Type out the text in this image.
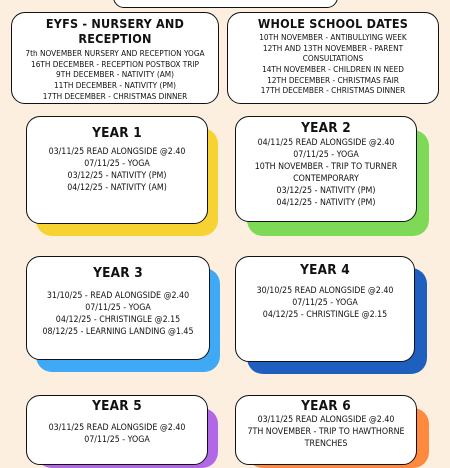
EYFS - NURSERY AND RECEPTION
7th NOVEMBER NURSERY AND RECEPTION YOGA
16TH DECEMBER - RECEPTION POSTBOX TRIP
9TH DECEMBER - NATIVITY (AM)
11TH DECEMBER - NATIVITY (PM)
17TH DECEMBER - CHRISTMAS DINNER
WHOLE SCHOOL DATES
10TH NOVEMBER - ANTIBULLYING WEEK
12TH AND 13TH NOVEMBER - PARENT
CONSULTATIONS
14TH NOVEMBER - CHILDREN IN NEED
12TH DECEMBER - CHRISTMAS FAIR
17TH DECEMBER - CHRISTMAS DINNER
YEAR 1
03/11/25 READ ALONGSIDE @2.40
07/11/25 - YOGA
03/12/25 - NATIVITY (PM)
04/12/25 - NATIVITY (AM)
YEAR 2
04/11/25 READ ALONGSIDE @2.40
07/11/25 - YOGA
10TH NOVEMBER - TRIP TO TURNER
CONTEMPORARY
03/12/25 - NATIVITY (PM)
04/12/25 - NATIVITY (PM)
YEAR 3
31/10/25 - READ ALONGSIDE @2.40
07/11/25 - YOGA
04/12/25 - CHRISTINGLE @2.15
08/12/25 - LEARNING LANDING @1.45
YEAR 4
30/10/25 READ ALONGSIDE @2.40
07/11/25 - YOGA
04/12/25 - CHRISTINGLE @2.15
YEAR 5
03/11/25 READ ALONGSIDE @2.40
07/11/25 - YOGA
YEAR 6
03/11/25 READ ALONGSIDE @2.40
7TH NOVEMBER - TRIP TO HAWTHORNE
TRENCHES
